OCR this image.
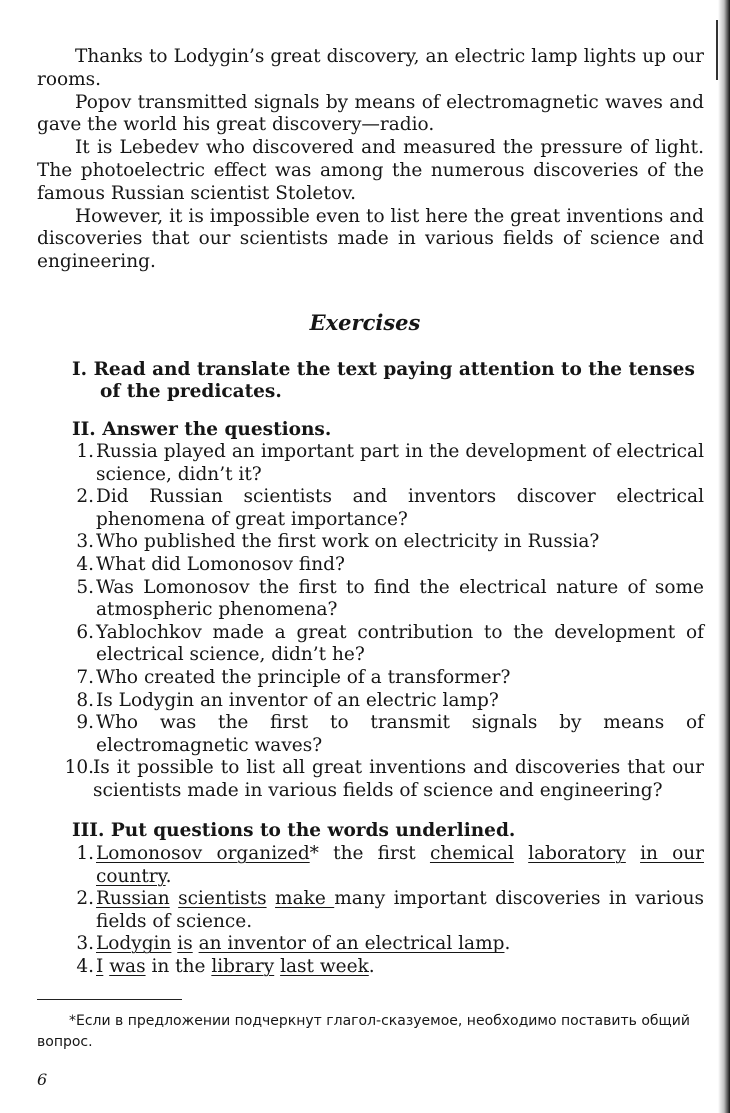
Thanks to Lodygin’s great discovery, an electric lamp lights up our rooms.

Popov transmitted signals by means of electromagnetic waves and gave the world his great discovery—radio.

It is Lebedev who discovered and measured the pressure of light. The photoelectric effect was among the numerous discoveries of the famous Russian scientist Stoletov.

However, it is impossible even to list here the great inventions and discoveries that our scientists made in various fields of science and engineering.

Exercises

I. Read and translate the text paying attention to the tenses of the predicates.

II. Answer the questions.

1. Russia played an important part in the development of electrical science, didn’t it?
2. Did Russian scientists and inventors discover electrical phenomena of great importance?
3. Who published the first work on electricity in Russia?
4. What did Lomonosov find?
5. Was Lomonosov the first to find the electrical nature of some atmospheric phenomena?
6. Yablochkov made a great contribution to the development of electrical science, didn’t he?
7. Who created the principle of a transformer?
8. Is Lodygin an inventor of an electric lamp?
9. Who was the first to transmit signals by means of electromagnetic waves?
10. Is it possible to list all great inventions and discoveries that our scientists made in various fields of science and engineering?

III. Put questions to the words underlined.

1. Lomonosov organized* the first chemical laboratory in our country.
2. Russian scientists make many important discoveries in various fields of science.
3. Lodygin is an inventor of an electrical lamp.
4. I was in the library last week.

*Если в предложении подчеркнут глагол-сказуемое, необходимо поставить общий вопрос.

6
